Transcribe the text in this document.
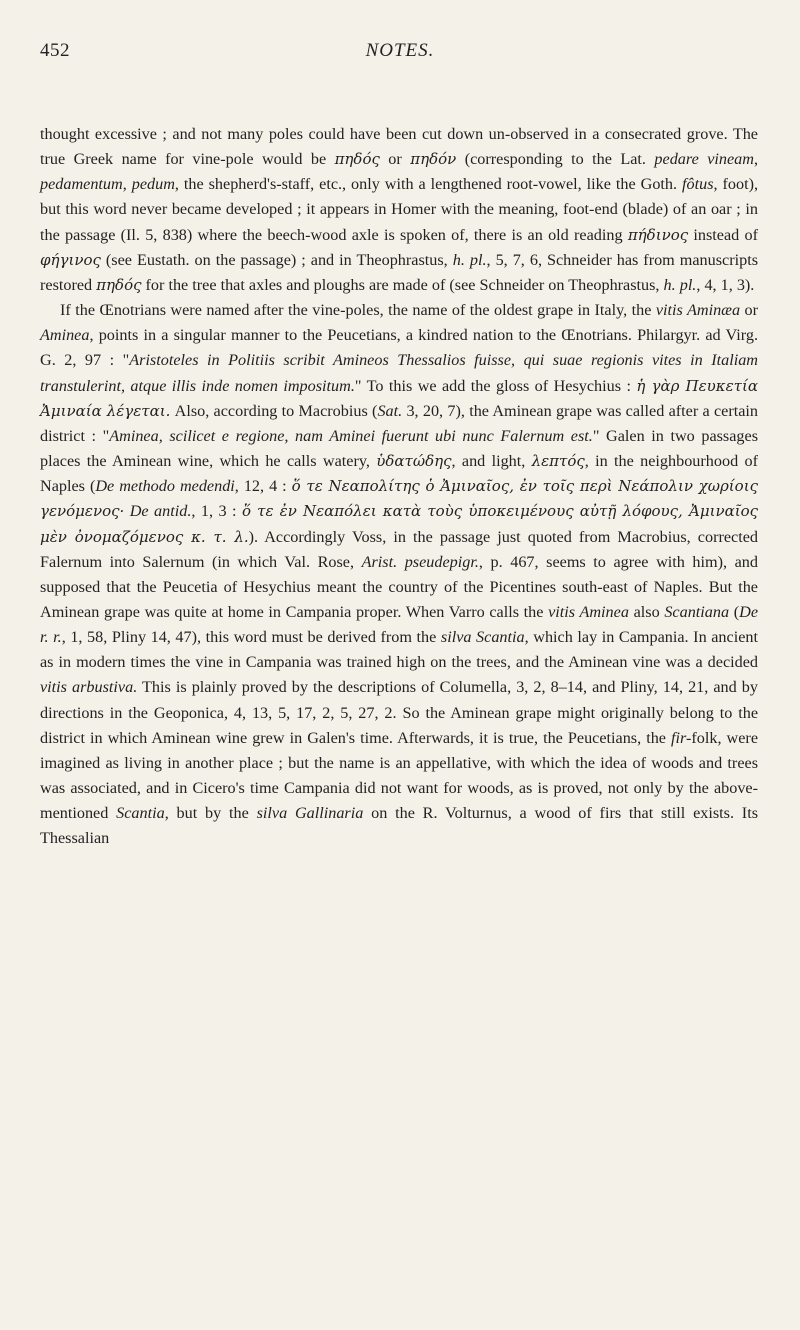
452	NOTES.

thought excessive ; and not many poles could have been cut down un-observed in a consecrated grove. The true Greek name for vine-pole would be πηδός or πηδόν (corresponding to the Lat. pedare vineam, pedamentum, pedum, the shepherd's-staff, etc., only with a lengthened root-vowel, like the Goth. fôtus, foot), but this word never became developed ; it appears in Homer with the meaning, foot-end (blade) of an oar ; in the passage (Il. 5, 838) where the beech-wood axle is spoken of, there is an old reading πήδινος instead of φήγινος (see Eustath. on the passage) ; and in Theophrastus, h. pl., 5, 7, 6, Schneider has from manuscripts restored πηδός for the tree that axles and ploughs are made of (see Schneider on Theophrastus, h. pl., 4, 1, 3).

If the Œnotrians were named after the vine-poles, the name of the oldest grape in Italy, the vitis Aminæa or Aminea, points in a singular manner to the Peucetians, a kindred nation to the Œnotrians. Philargyr. ad Virg. G. 2, 97 : "Aristoteles in Politiis scribit Amineos Thessalios fuisse, qui suae regionis vites in Italiam transtulerint, atque illis inde nomen impositum." To this we add the gloss of Hesychius : ἡ γὰρ Πευκετία Ἀμιναία λέγεται. Also, according to Macrobius (Sat. 3, 20, 7), the Aminean grape was called after a certain district : "Aminea, scilicet e regione, nam Aminei fuerunt ubi nunc Falernum est." Galen in two passages places the Aminean wine, which he calls watery, ὑδατώδης, and light, λεπτός, in the neighbourhood of Naples (De methodo medendi, 12, 4 : ὅ τε Νεαπολίτης ὁ Ἀμιναῖος, ἐν τοῖς περὶ Νεάπολιν χωρίοις γενόμενος· De antid., 1, 3 : ὅ τε ἐν Νεαπόλει κατὰ τοὺς ὑποκειμένους αὐτῇ λόφους, Ἀμιναῖος μὲν ὀνομαζόμενος κ. τ. λ.). Accordingly Voss, in the passage just quoted from Macrobius, corrected Falernum into Salernum (in which Val. Rose, Arist. pseudepigr., p. 467, seems to agree with him), and supposed that the Peucetia of Hesychius meant the country of the Picentines south-east of Naples. But the Aminean grape was quite at home in Campania proper. When Varro calls the vitis Aminea also Scantiana (De r. r., 1, 58, Pliny 14, 47), this word must be derived from the silva Scantia, which lay in Campania. In ancient as in modern times the vine in Campania was trained high on the trees, and the Aminean vine was a decided vitis arbustiva. This is plainly proved by the descriptions of Columella, 3, 2, 8–14, and Pliny, 14, 21, and by directions in the Geoponica, 4, 13, 5, 17, 2, 5, 27, 2. So the Aminean grape might originally belong to the district in which Aminean wine grew in Galen's time. Afterwards, it is true, the Peucetians, the fir-folk, were imagined as living in another place ; but the name is an appellative, with which the idea of woods and trees was associated, and in Cicero's time Campania did not want for woods, as is proved, not only by the above-mentioned Scantia, but by the silva Gallinaria on the R. Volturnus, a wood of firs that still exists. Its Thessalian
